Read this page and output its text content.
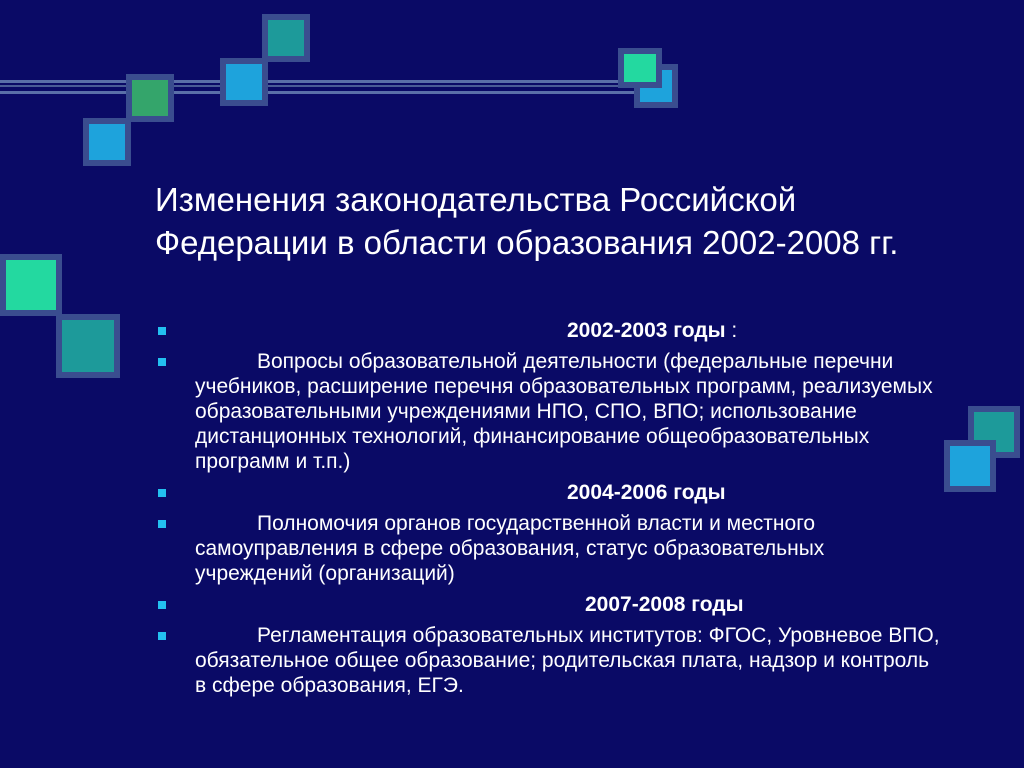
Изменения законодательства Российской
Федерации в области образования 2002-2008 гг.
2002-2003 годы :
Вопросы образовательной деятельности (федеральные перечни учебников, расширение перечня образовательных программ, реализуемых образовательными учреждениями НПО, СПО, ВПО; использование дистанционных технологий, финансирование общеобразовательных программ и т.п.)
2004-2006 годы
Полномочия органов государственной власти и местного самоуправления в сфере образования, статус образовательных учреждений (организаций)
2007-2008 годы
Регламентация образовательных институтов: ФГОС, Уровневое ВПО, обязательное общее образование; родительская плата, надзор и контроль в сфере образования, ЕГЭ.
